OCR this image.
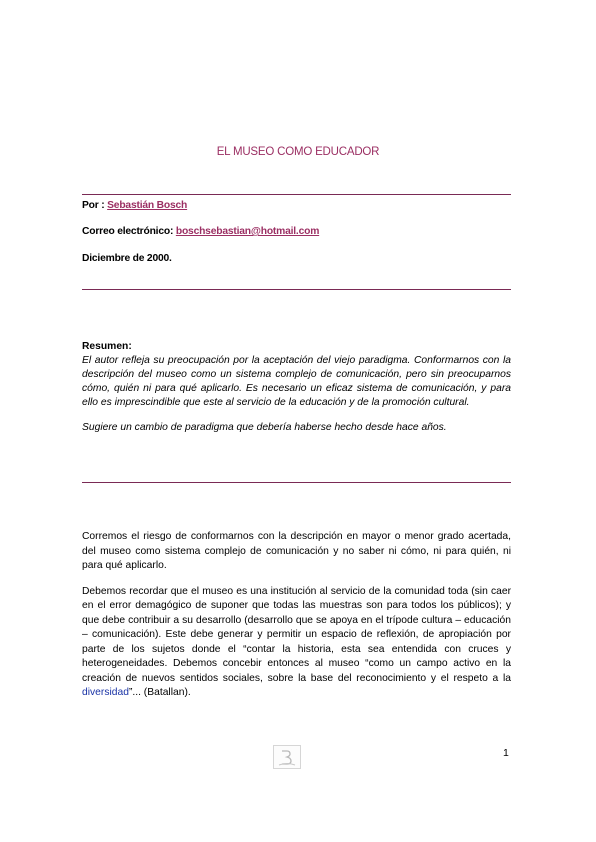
EL MUSEO COMO EDUCADOR
Por : Sebastián Bosch
Correo electrónico: boschsebastian@hotmail.com
Diciembre de 2000.
Resumen:

El autor refleja su preocupación por la aceptación del viejo paradigma. Conformarnos con la descripción del museo como un sistema complejo de comunicación, pero sin preocuparnos cómo, quién ni para qué aplicarlo. Es necesario un eficaz sistema de comunicación, y para ello es imprescindible que este al servicio de la educación y de la promoción cultural.

Sugiere un cambio de paradigma que debería haberse hecho desde hace años.

Corremos el riesgo de conformarnos con la descripción en mayor o menor grado acertada, del museo como sistema complejo de comunicación y no saber ni cómo, ni para quién, ni para qué aplicarlo.

Debemos recordar que el museo es una institución al servicio de la comunidad toda (sin caer en el error demagógico de suponer que todas las muestras son para todos los públicos); y que debe contribuir a su desarrollo (desarrollo que se apoya en el trípode cultura – educación – comunicación). Este debe generar y permitir un espacio de reflexión, de apropiación por parte de los sujetos donde el “contar la historia, esta sea entendida con cruces y heterogeneidades. Debemos concebir entonces al museo “como un campo activo en la creación de nuevos sentidos sociales, sobre la base del reconocimiento y el respeto a la diversidad”... (Batallan).

1
